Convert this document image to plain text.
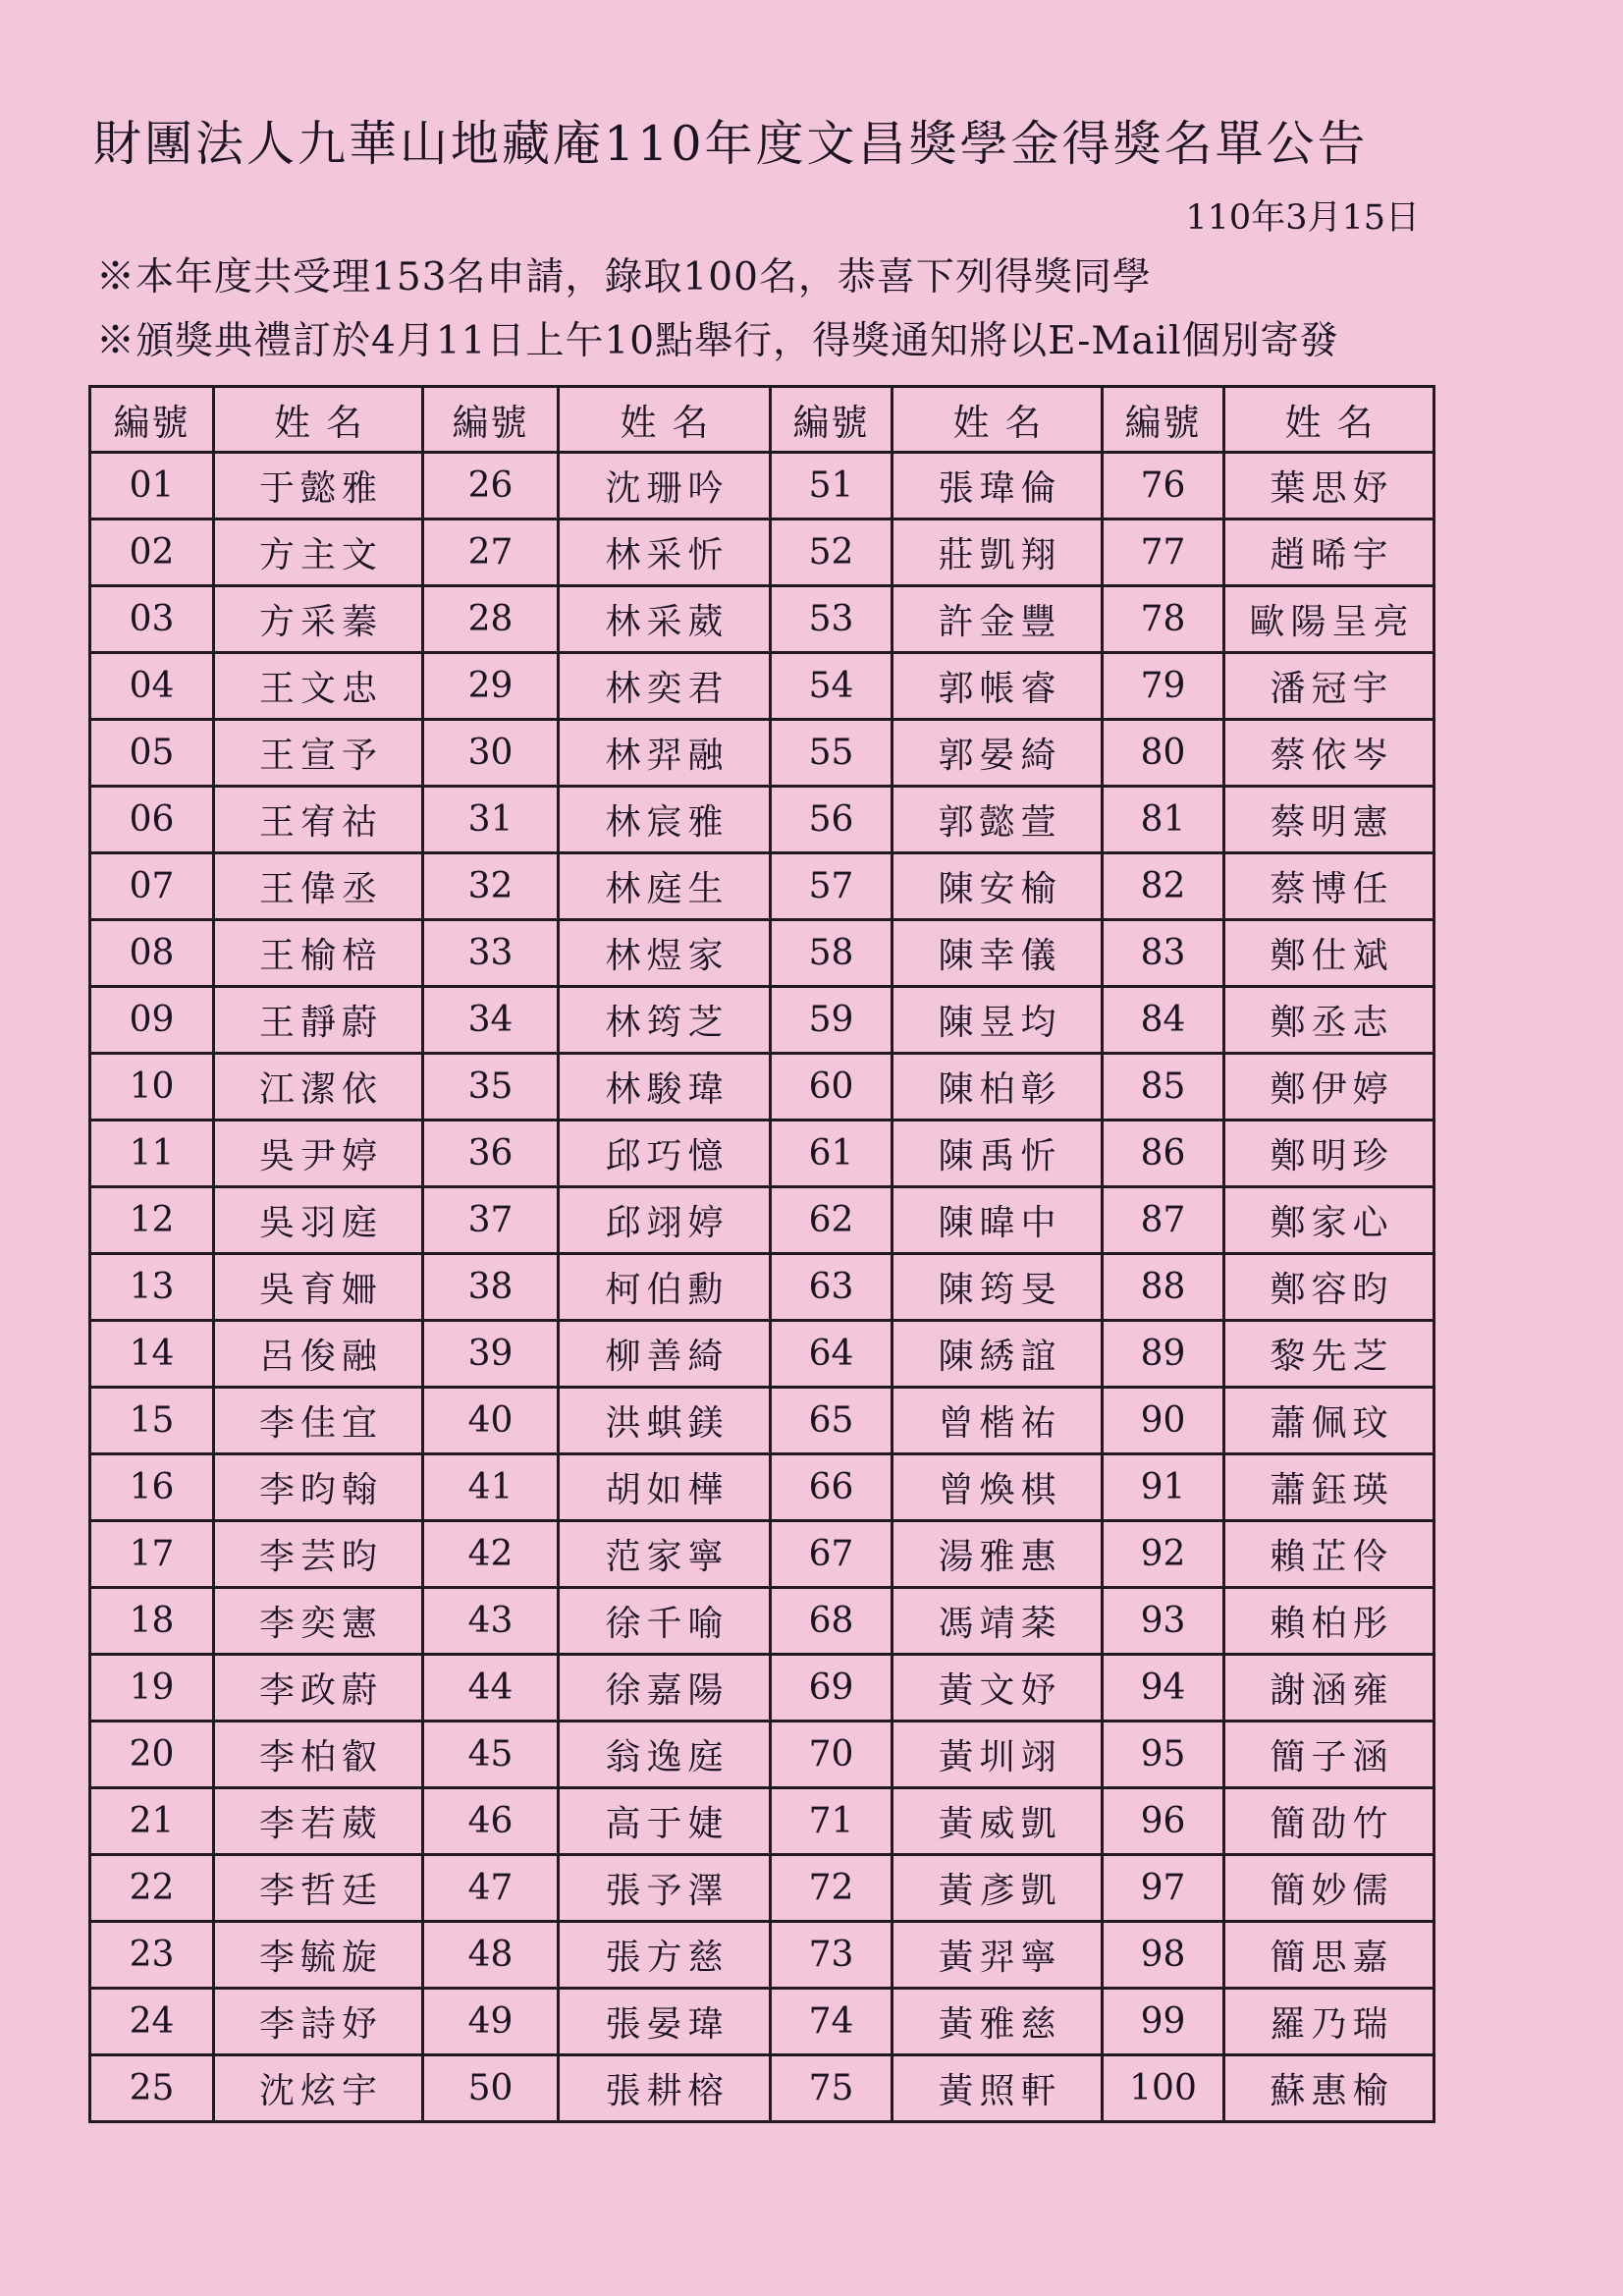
財團法人九華山地藏庵110年度文昌獎學金得獎名單公告
110年3月15日
※本年度共受理153名申請，錄取100名，恭喜下列得獎同學
※頒獎典禮訂於4月11日上午10點舉行，得獎通知將以E-Mail個別寄發
編號	姓名	編號	姓名	編號	姓名	編號	姓名
01	于懿雅	26	沈珊吟	51	張瑋倫	76	葉思妤
02	方主文	27	林采忻	52	莊凱翔	77	趙晞宇
03	方采蓁	28	林采葳	53	許金豐	78	歐陽呈亮
04	王文忠	29	林奕君	54	郭帳睿	79	潘冠宇
05	王宣予	30	林羿融	55	郭晏綺	80	蔡依岑
06	王宥祜	31	林宸雅	56	郭懿萱	81	蔡明憲
07	王偉丞	32	林庭生	57	陳安榆	82	蔡博任
08	王榆棓	33	林煜家	58	陳幸儀	83	鄭仕斌
09	王靜蔚	34	林筠芝	59	陳昱均	84	鄭丞志
10	江潔依	35	林駿瑋	60	陳柏彰	85	鄭伊婷
11	吳尹婷	36	邱巧憶	61	陳禹忻	86	鄭明珍
12	吳羽庭	37	邱翊婷	62	陳暐中	87	鄭家心
13	吳育姍	38	柯伯勳	63	陳筠旻	88	鄭容昀
14	呂俊融	39	柳善綺	64	陳綉誼	89	黎先芝
15	李佳宜	40	洪蜞鎂	65	曾楷祐	90	蕭佩玟
16	李昀翰	41	胡如樺	66	曾煥棋	91	蕭鈺瑛
17	李芸昀	42	范家寧	67	湯雅惠	92	賴芷伶
18	李奕憲	43	徐千喻	68	馮靖棻	93	賴柏彤
19	李政蔚	44	徐嘉陽	69	黃文妤	94	謝涵雍
20	李柏叡	45	翁逸庭	70	黃圳翊	95	簡子涵
21	李若葳	46	高于婕	71	黃威凱	96	簡劭竹
22	李哲廷	47	張予澤	72	黃彥凱	97	簡妙儒
23	李毓旋	48	張方慈	73	黃羿寧	98	簡思嘉
24	李詩妤	49	張晏瑋	74	黃雅慈	99	羅乃瑞
25	沈炫宇	50	張耕榕	75	黃照軒	100	蘇惠榆
